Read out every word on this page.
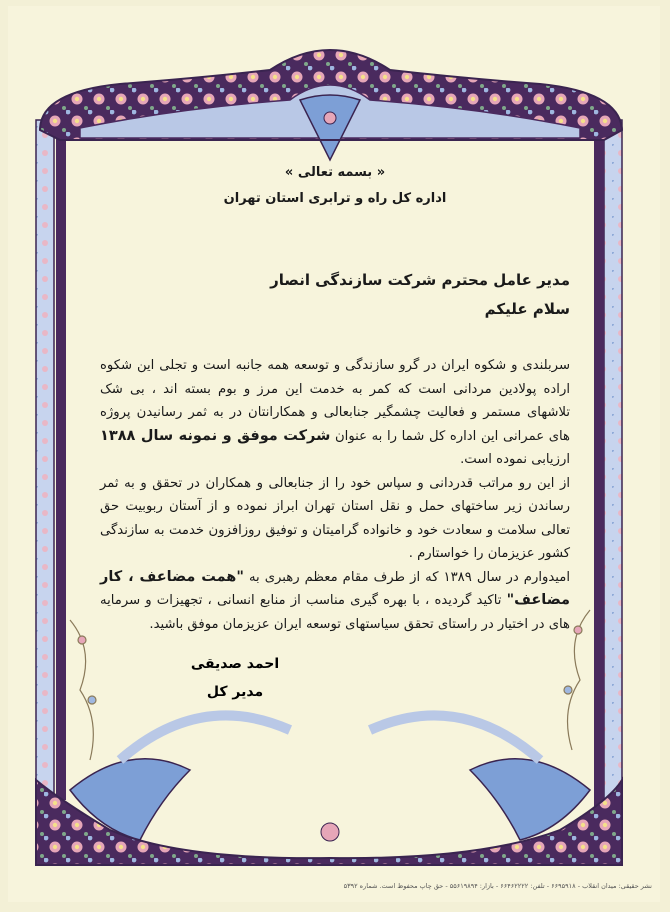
« بسمه تعالی »
اداره کل راه و ترابری استان تهران
مدیر عامل محترم شرکت سازندگی انصار
سلام علیکم

سربلندی و شکوه ایران در گرو سازندگی و توسعه همه جانبه است و تجلی این شکوه اراده پولادین مردانی است که کمر به خدمت این مرز و بوم بسته اند ، بی شک تلاشهای مستمر و فعالیت چشمگیر جنابعالی و همکارانتان در به ثمر رسانیدن پروژه های عمرانی این اداره کل شما را به عنوان شرکت موفق و نمونه سال ۱۳۸۸ ارزیابی نموده است.

از این رو مراتب قدردانی و سپاس خود را از جنابعالی و همکاران در تحقق و به ثمر رساندن زیر ساختهای حمل و نقل استان تهران ابراز نموده و از آستان ربوبیت حق تعالی سلامت و سعادت خود و خانواده گرامیتان و توفیق روزافزون خدمت به سازندگی کشور عزیزمان را خواستارم .

امیدوارم در سال ۱۳۸۹ که از طرف مقام معظم رهبری به "همت مضاعف ، کار مضاعف" تاکید گردیده ، با بهره گیری مناسب از منابع انسانی ، تجهیزات و سرمایه های در اختیار در راستای تحقق سیاستهای توسعه ایران عزیزمان موفق باشید.

احمد صدیقی
مدیر کل
نشر حقیقی: میدان انقلاب - ۶۶۹۵۹۱۸ - تلفن: ۶۶۴۶۲۲۲۲ - بازار: ۵۵۶۱۹۸۹۴ - حق چاپ محفوظ است. شماره ۵۳۹۲
